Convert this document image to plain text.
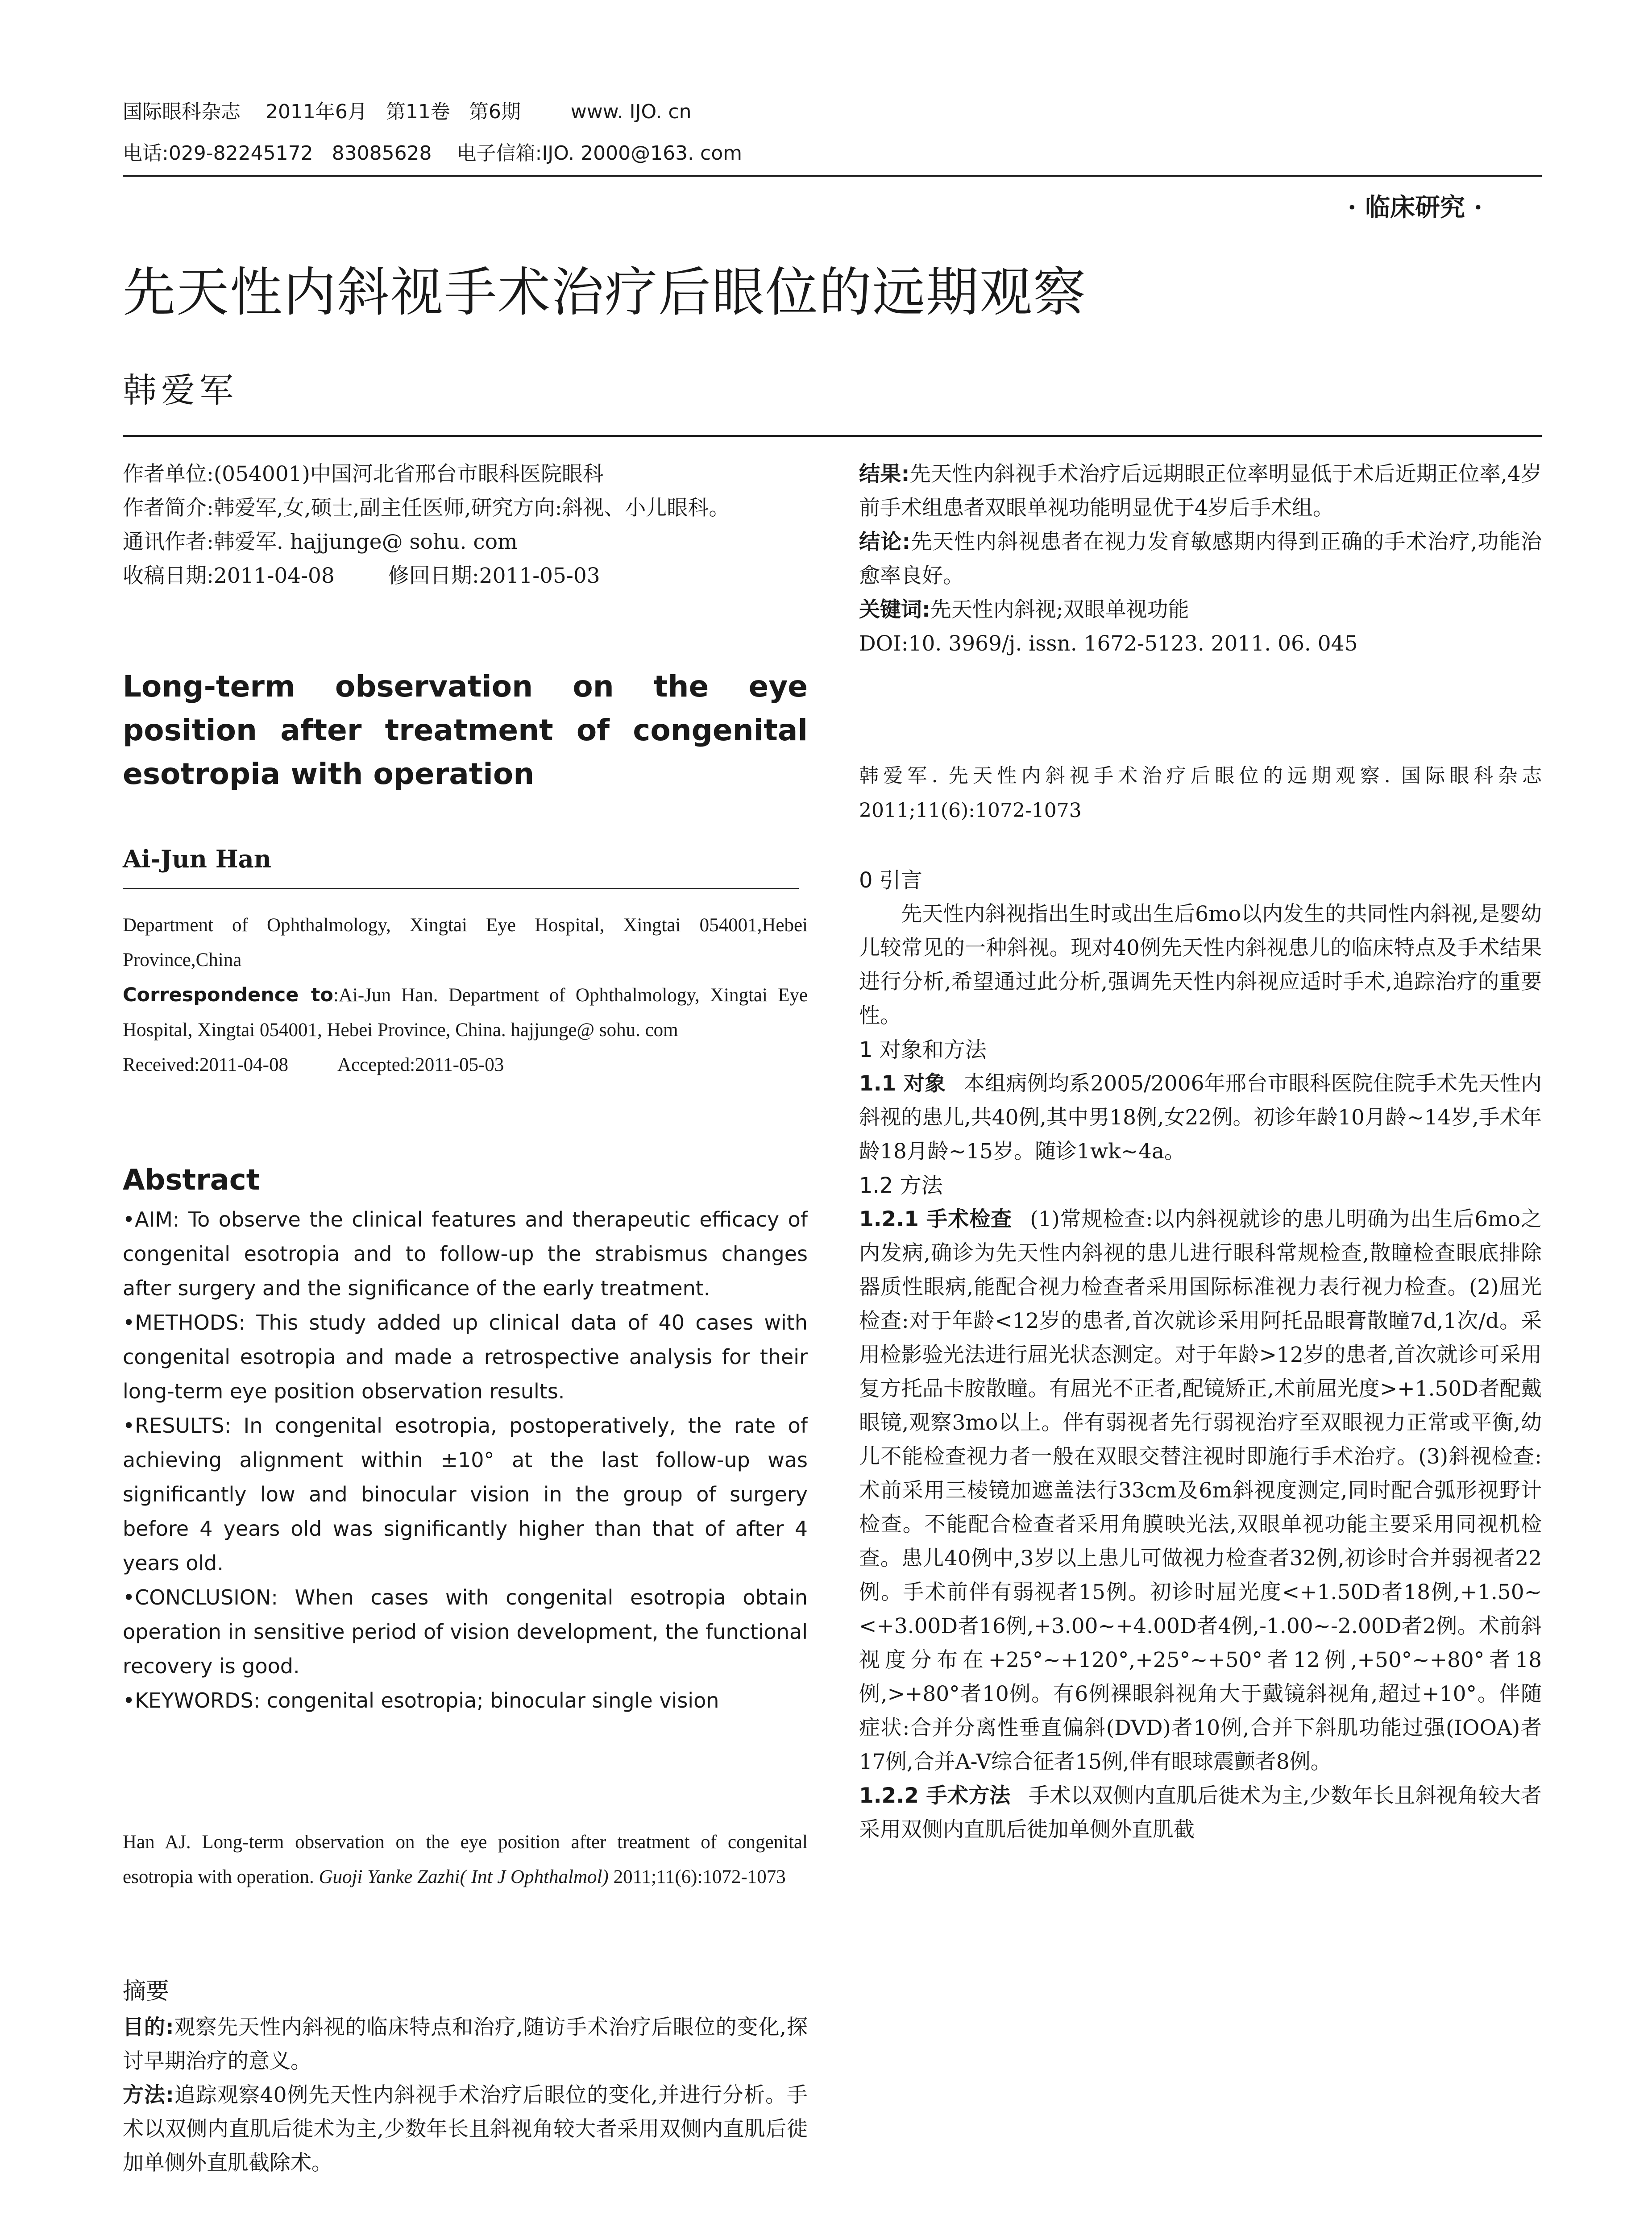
国际眼科杂志    2011年6月   第11卷   第6期        www. IJO. cn
电话:029-82245172   83085628    电子信箱:IJO. 2000@163. com
· 临床研究 ·
先天性内斜视手术治疗后眼位的远期观察
韩爱军

作者单位:(054001)中国河北省邢台市眼科医院眼科

作者简介:韩爱军,女,硕士,副主任医师,研究方向:斜视、小儿眼科。

通讯作者:韩爱军. hajjunge@ sohu. com

收稿日期:2011-04-08	修回日期:2011-05-03

Long-term observation on the eye position after treatment of congenital esotropia with operation
Ai-Jun Han

Department of Ophthalmology, Xingtai Eye Hospital, Xingtai 054001,Hebei Province,China

Correspondence to:Ai-Jun Han. Department of Ophthalmology, Xingtai Eye Hospital, Xingtai 054001, Hebei Province, China. hajjunge@ sohu. com

Received:2011-04-08	Accepted:2011-05-03

Abstract

• AIM: To observe the clinical features and therapeutic efficacy of congenital esotropia and to follow-up the strabismus changes after surgery and the significance of the early treatment.

• METHODS: This study added up clinical data of 40 cases with congenital esotropia and made a retrospective analysis for their long-term eye position observation results.

• RESULTS: In congenital esotropia, postoperatively, the rate of achieving alignment within ±10° at the last follow-up was significantly low and binocular vision in the group of surgery before 4 years old was significantly higher than that of after 4 years old.

• CONCLUSION: When cases with congenital esotropia obtain operation in sensitive period of vision development, the functional recovery is good.

• KEYWORDS: congenital esotropia; binocular single vision

Han AJ. Long-term observation on the eye position after treatment of congenital esotropia with operation. Guoji Yanke Zazhi( Int J Ophthalmol) 2011;11(6):1072-1073

摘要

目的:观察先天性内斜视的临床特点和治疗,随访手术治疗后眼位的变化,探讨早期治疗的意义。

方法:追踪观察40例先天性内斜视手术治疗后眼位的变化,并进行分析。手术以双侧内直肌后徙术为主,少数年长且斜视角较大者采用双侧内直肌后徙加单侧外直肌截除术。

结果:先天性内斜视手术治疗后远期眼正位率明显低于术后近期正位率,4岁前手术组患者双眼单视功能明显优于4岁后手术组。

结论:先天性内斜视患者在视力发育敏感期内得到正确的手术治疗,功能治愈率良好。

关键词:先天性内斜视;双眼单视功能

DOI:10. 3969/j. issn. 1672-5123. 2011. 06. 045

韩爱军. 先天性内斜视手术治疗后眼位的远期观察. 国际眼科杂志 2011;11(6):1072-1073

0 引言

先天性内斜视指出生时或出生后6mo以内发生的共同性内斜视,是婴幼儿较常见的一种斜视。现对40例先天性内斜视患儿的临床特点及手术结果进行分析,希望通过此分析,强调先天性内斜视应适时手术,追踪治疗的重要性。

1 对象和方法

1.1 对象 本组病例均系2005/2006年邢台市眼科医院住院手术先天性内斜视的患儿,共40例,其中男18例,女22例。初诊年龄10月龄~14岁,手术年龄18月龄~15岁。随诊1wk~4a。

1.2 方法

1.2.1 手术检查 (1)常规检查:以内斜视就诊的患儿明确为出生后6mo之内发病,确诊为先天性内斜视的患儿进行眼科常规检查,散瞳检查眼底排除器质性眼病,能配合视力检查者采用国际标准视力表行视力检查。(2)屈光检查:对于年龄<12岁的患者,首次就诊采用阿托品眼膏散瞳7d,1次/d。采用检影验光法进行屈光状态测定。对于年龄>12岁的患者,首次就诊可采用复方托品卡胺散瞳。有屈光不正者,配镜矫正,术前屈光度>+1.50D者配戴眼镜,观察3mo以上。伴有弱视者先行弱视治疗至双眼视力正常或平衡,幼儿不能检查视力者一般在双眼交替注视时即施行手术治疗。(3)斜视检查:术前采用三棱镜加遮盖法行33cm及6m斜视度测定,同时配合弧形视野计检查。不能配合检查者采用角膜映光法,双眼单视功能主要采用同视机检查。患儿40例中,3岁以上患儿可做视力检查者32例,初诊时合并弱视者22例。手术前伴有弱视者15例。初诊时屈光度<+1.50D者18例,+1.50~<+3.00D者16例,+3.00~+4.00D者4例,-1.00~-2.00D者2例。术前斜视度分布在+25°~+120°,+25°~+50°者12例,+50°~+80°者18例,>+80°者10例。有6例裸眼斜视角大于戴镜斜视角,超过+10°。伴随症状:合并分离性垂直偏斜(DVD)者10例,合并下斜肌功能过强(IOOA)者17例,合并A-V综合征者15例,伴有眼球震颤者8例。

1.2.2 手术方法 手术以双侧内直肌后徙术为主,少数年长且斜视角较大者采用双侧内直肌后徙加单侧外直肌截
